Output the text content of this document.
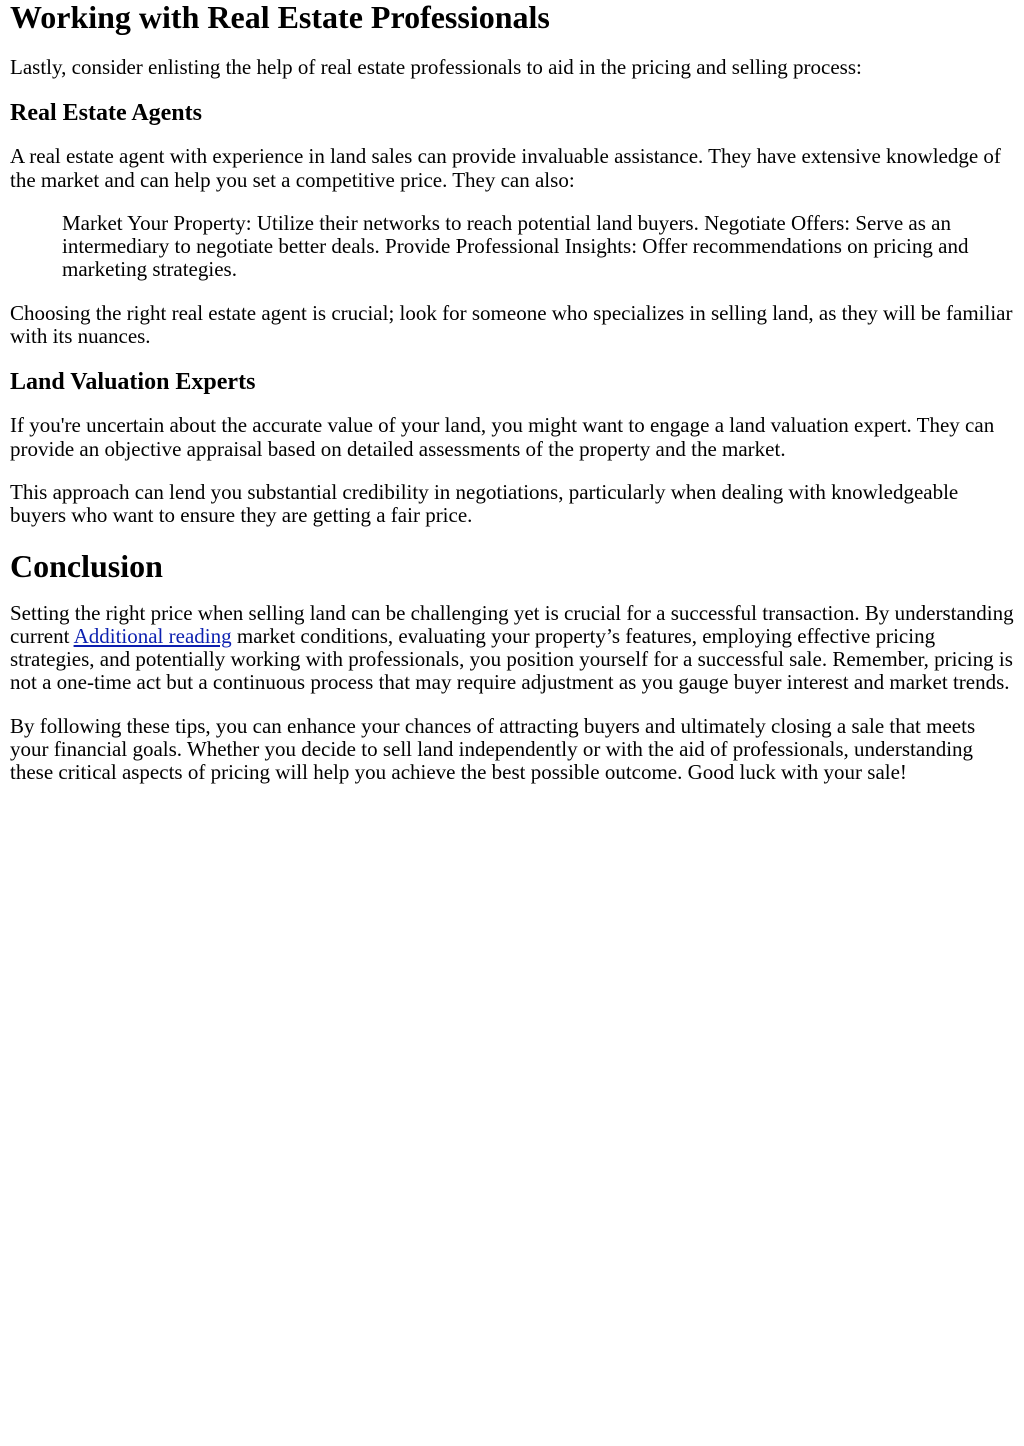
Working with Real Estate Professionals

Lastly, consider enlisting the help of real estate professionals to aid in the pricing and selling process:

Real Estate Agents

A real estate agent with experience in land sales can provide invaluable assistance. They have extensive knowledge of the market and can help you set a competitive price. They can also:

Market Your Property: Utilize their networks to reach potential land buyers. Negotiate Offers: Serve as an intermediary to negotiate better deals. Provide Professional Insights: Offer recommendations on pricing and marketing strategies.

Choosing the right real estate agent is crucial; look for someone who specializes in selling land, as they will be familiar with its nuances.

Land Valuation Experts

If you're uncertain about the accurate value of your land, you might want to engage a land valuation expert. They can provide an objective appraisal based on detailed assessments of the property and the market.

This approach can lend you substantial credibility in negotiations, particularly when dealing with knowledgeable buyers who want to ensure they are getting a fair price.

Conclusion

Setting the right price when selling land can be challenging yet is crucial for a successful transaction. By understanding current Additional reading market conditions, evaluating your property’s features, employing effective pricing strategies, and potentially working with professionals, you position yourself for a successful sale. Remember, pricing is not a one-time act but a continuous process that may require adjustment as you gauge buyer interest and market trends.

By following these tips, you can enhance your chances of attracting buyers and ultimately closing a sale that meets your financial goals. Whether you decide to sell land independently or with the aid of professionals, understanding these critical aspects of pricing will help you achieve the best possible outcome. Good luck with your sale!
